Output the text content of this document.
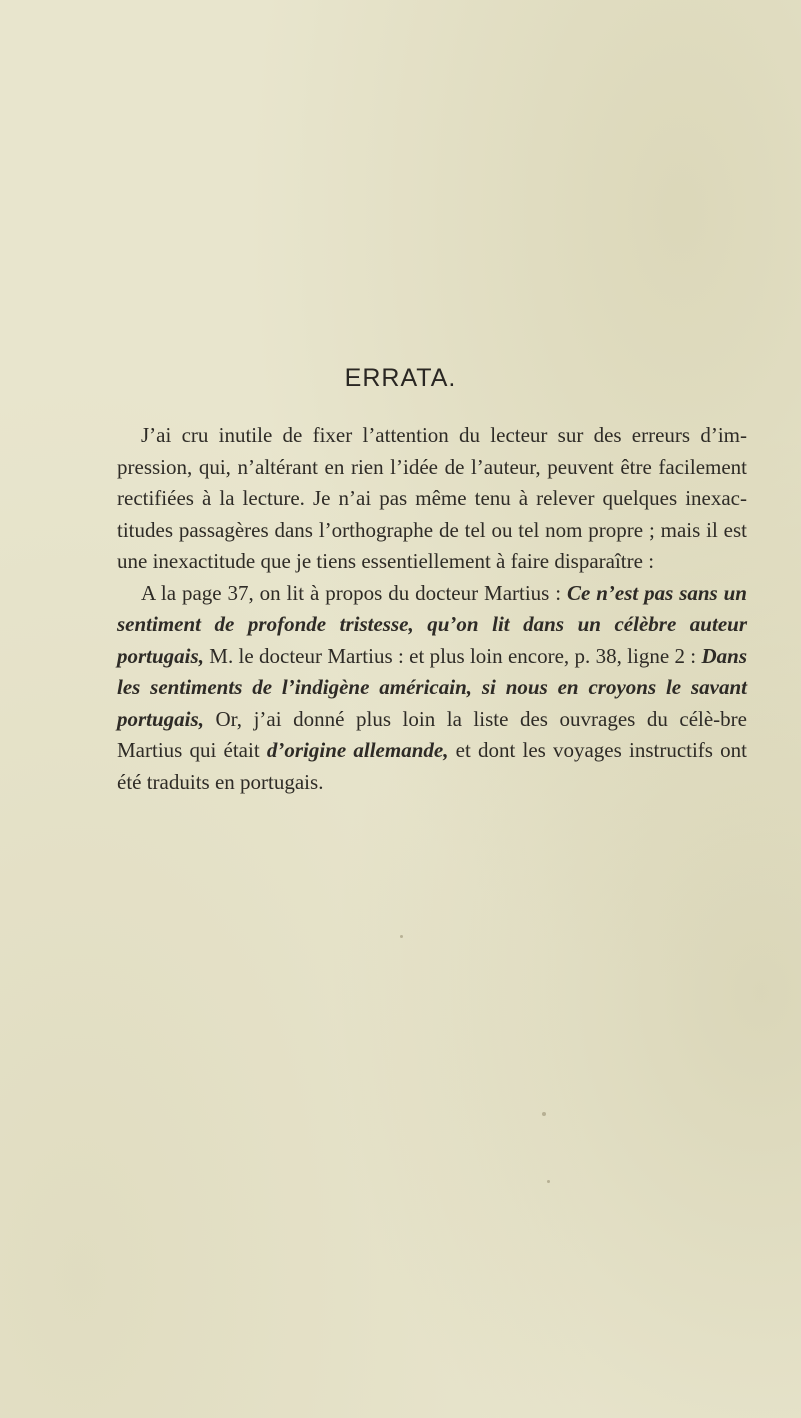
ERRATA.

J’ai cru inutile de fixer l’attention du lecteur sur des erreurs d’im-pression, qui, n’altérant en rien l’idée de l’auteur, peuvent être facilement rectifiées à la lecture. Je n’ai pas même tenu à relever quelques inexac-titudes passagères dans l’orthographe de tel ou tel nom propre ; mais il est une inexactitude que je tiens essentiellement à faire disparaître :

A la page 37, on lit à propos du docteur Martius : Ce n’est pas sans un sentiment de profonde tristesse, qu’on lit dans un célèbre auteur portugais, M. le docteur Martius : et plus loin encore, p. 38, ligne 2 : Dans les sentiments de l’indigène américain, si nous en croyons le savant portugais, Or, j’ai donné plus loin la liste des ouvrages du célè-bre Martius qui était d’origine allemande, et dont les voyages instructifs ont été traduits en portugais.
